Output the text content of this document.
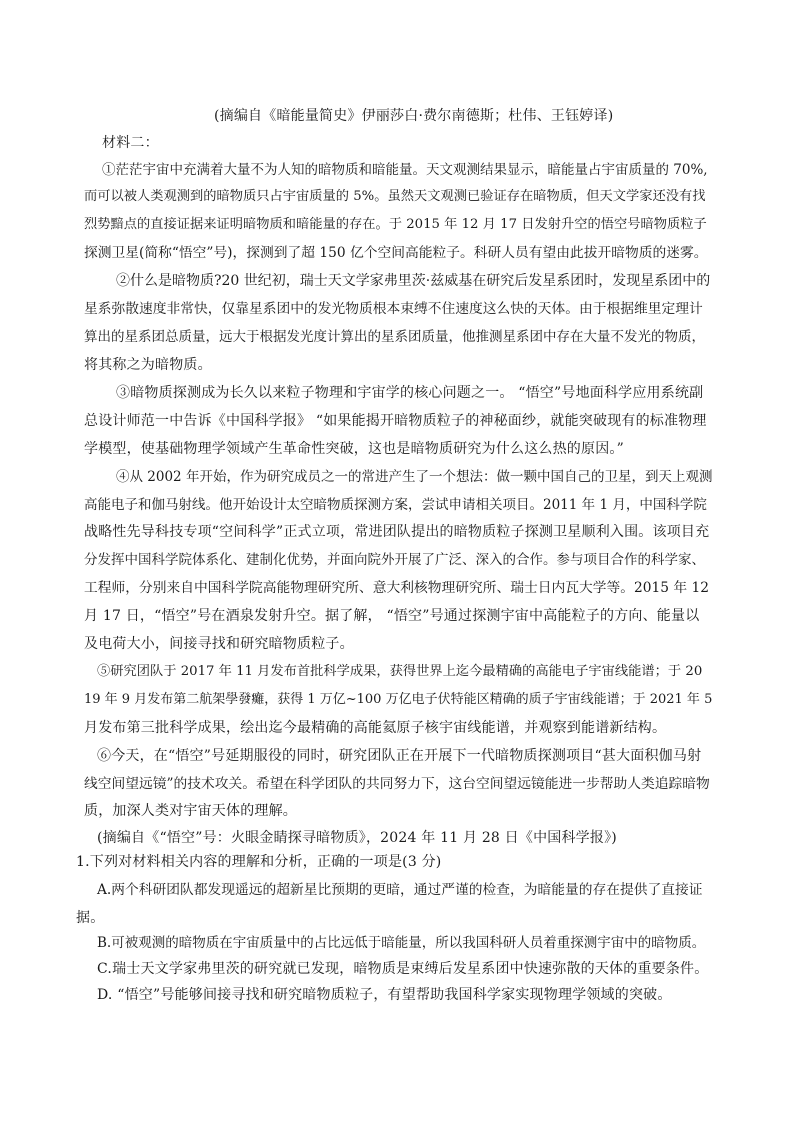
(摘编自《暗能量简史》伊丽莎白·费尔南德斯；杜伟、王钰婷译)
材料二：
①茫茫宇宙中充满着大量不为人知的暗物质和暗能量。天文观测结果显示，暗能量占宇宙质量的 70%,
而可以被人类观测到的暗物质只占宇宙质量的 5%。虽然天文观测已验证存在暗物质，但天文学家还没有找
烈势黯点的直接证据来证明暗物质和暗能量的存在。于 2015 年 12 月 17 日发射升空的悟空号暗物质粒子
探测卫星(简称“悟空”号)，探测到了超 150 亿个空间高能粒子。科研人员有望由此拔开暗物质的迷雾。
②什么是暗物质?20 世纪初，瑞士天文学家弗里茨·兹威基在研究后发星系团时，发现星系团中的
星系弥散速度非常快，仅靠星系团中的发光物质根本束缚不住速度这么快的天体。由于根据维里定理计
算出的星系团总质量，远大于根据发光度计算出的星系团质量，他推测星系团中存在大量不发光的物质，
将其称之为暗物质。
③暗物质探测成为长久以来粒子物理和宇宙学的核心问题之一。 “悟空”号地面科学应用系统副
总设计师范一中告诉《中国科学报》 “如果能揭开暗物质粒子的神秘面纱，就能突破现有的标准物理
学模型，使基础物理学领域产生革命性突破，这也是暗物质研究为什么这么热的原因。”
④从 2002 年开始，作为研究成员之一的常进产生了一个想法：做一颗中国自己的卫星，到天上观测
高能电子和伽马射线。他开始设计太空暗物质探测方案，尝试申请相关项目。2011 年 1 月，中国科学院
战略性先导科技专项“空间科学”正式立项，常进团队提出的暗物质粒子探测卫星顺利入围。该项目充
分发挥中国科学院体系化、建制化优势，并面向院外开展了广泛、深入的合作。参与项目合作的科学家、
工程师，分别来自中国科学院高能物理研究所、意大利核物理研究所、瑞士日内瓦大学等。2015 年 12
月 17 日，“悟空”号在酒泉发射升空。据了解， “悟空”号通过探测宇宙中高能粒子的方向、能量以
及电荷大小，间接寻找和研究暗物质粒子。
⑤研究团队于 2017 年 11 月发布首批科学成果，获得世界上迄今最精确的高能电子宇宙线能谱；于 20
19 年 9 月发布第二航架學發癱，获得 1 万亿~100 万亿电子伏特能区精确的质子宇宙线能谱；于 2021 年 5
月发布第三批科学成果，绘出迄今最精确的高能氦原子核宇宙线能谱，并观察到能谱新结构。
⑥今天，在“悟空”号延期服役的同时，研究团队正在开展下一代暗物质探测项目“甚大面积伽马射
线空间望远镜”的技术攻关。希望在科学团队的共同努力下，这台空间望远镜能进一步帮助人类追踪暗物
质，加深人类对宇宙天体的理解。
(摘编自《“悟空”号：火眼金睛探寻暗物质》，2024 年 11 月 28 日《中国科学报》)
1.下列对材料相关内容的理解和分析，正确的一项是(3 分)
A.两个科研团队都发现遥远的超新星比预期的更暗，通过严谨的检查，为暗能量的存在提供了直接证
据。
B.可被观测的暗物质在宇宙质量中的占比远低于暗能量，所以我国科研人员着重探测宇宙中的暗物质。
C.瑞士天文学家弗里茨的研究就已发现，暗物质是束缚后发星系团中快速弥散的天体的重要条件。
D. “悟空”号能够间接寻找和研究暗物质粒子，有望帮助我国科学家实现物理学领域的突破。
